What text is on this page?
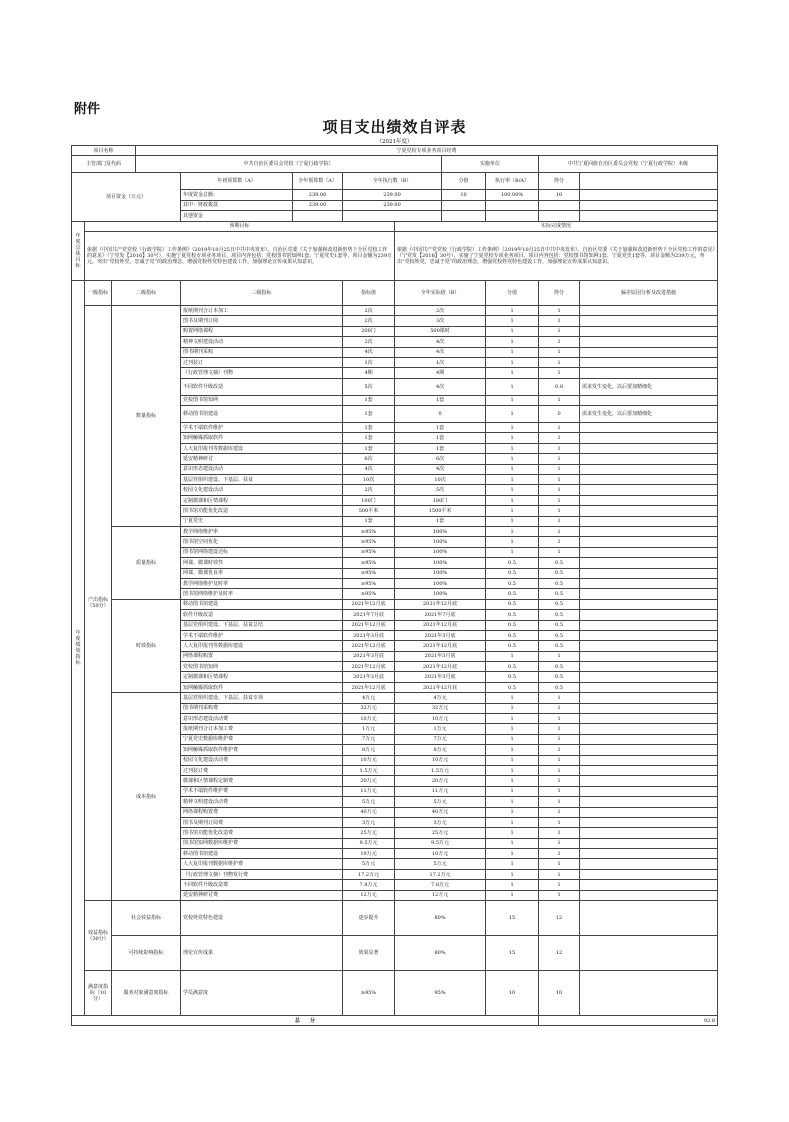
附件
项目支出绩效自评表
（2021年度）
项目名称			宁夏党校专项业务项目经费								
主管部门及代码			中共自治区委员会党校（宁夏行政学院）					实施单位		中共宁夏回族自治区委员会党校（宁夏行政学院）本级	
项目资金（万元）				年初预算数（A）	全年预算数（A）	全年执行数（B）		分值	执行率（B/A）	得分	
				年度资金总额：	239.00	239.00		10	100.00%	10	
				其中：财政拨款	239.00	239.00					
				其他资金							
年度总体目标	预期目标						实际完成情况				
	依据《中国共产党党校（行政学院）工作条例》（2019年10月25日中共中央发布）、自治区党委《关于加强和改进新形势下全区党校工作的意见》（宁党发【2016】30号），实施宁夏党校专项业务项目，项目内容包括：党校图书馆知网1套、宁夏党史1套等，项目金额为239万元，突出“党校姓党，忠诚于党”的政治理念，增强党校姓党特色建设工作，加强理论宣传成果认知意识。						依据《中国共产党党校（行政学院）工作条例》（2019年10月25日中共中央发布）、自治区党委《关于加强和改进新形势下全区党校工作的意见》（宁党发【2016】30号），实施了宁夏党校专项业务项目，项目内容包括：党校图书馆知网1套、宁夏党史1套等，项目金额为239万元，突出“党校姓党，忠诚于党”的政治理念，增强党校姓党特色建设工作，加强理论宣传成果认知意识。				
年度绩效指标	一级指标	二级指标		三级指标		指标值	全年实际值（B）		分值	得分	偏差原因分析及改进措施
	产出指标（50分）	数量指标		报纸期刊合订本加工		2次	2次		1	1	
				图书及期刊订阅		2次	3次		1	1	
				购置网络课程		200门	500课时		1	1	
				精神文明建设活动		2次	4次		1	1	
				图书期刊采购		4次	4次		1	1	
				过刊装订		1次	1次		1	1	
				《行政管理文摘》刊物		4期	4期		1	1	
				不同软件升级改造		5次	4次		1	0.8	需求发生变化，以后要加精细化
				党校图书馆知网		1套	1套		1	1	
				移动图书馆建设		1套	0		1	0	需求发生变化，以后要加精细化
				学术不端软件维护		1套	1套		1	1	
				知网触媒抓取软件		1套	1套		1	1	
				人大复印报刊等数据库建设		1套	1套		1	1	
				延安精神研讨		6次	6次		1	1	
				意识形态建设活动		4次	4次		1	1	
				基层党组织建设、下基层、扶贫		10次	10次		1	1	
				校园文化建设活动		2次	5次		1	1	
				定制微课和区情课程		100门	180门		1	1	
				图书馆功能优化改造		500平米	1500平米		1	1	
				宁夏党史		1套	1套		1	1	
		质量指标		教学网络维护率		≥95%	100%		1	1	
				图书馆空间优化		≥95%	100%		1	1	
				图书馆网络建设达标		≥95%	100%		1	1	
				网课、微课时效性		≥95%	100%		0.5	0.5	
				网课、微课优良率		≥95%	100%		0.5	0.5	
				教学网络维护及时率		≥95%	100%		0.5	0.5	
				图书馆网络维护及时率		≥95%	100%		0.5	0.5	
		时效指标		移动图书馆建设		2021年12月底	2021年12月底		0.5	0.5	
				软件升级改造		2021年7月底	2021年7月底		0.5	0.5	
				基层党组织建设、下基层、扶贫总结		2021年12月底	2021年12月底		0.5	0.5	
				学术不端软件维护		2021年3月底	2021年3月底		0.5	0.5	
				人大复印报刊等数据库建设		2021年12月底	2021年12月底		0.5	0.5	
				网络课程购置		2021年3月底	2021年3月底		1	1	
				党校图书馆知网		2021年12月底	2021年12月底		0.5	0.5	
				定制微课和区情课程		2021年3月底	2021年3月底		0.5	0.5	
				知网触媒抓取软件		2021年12月底	2021年12月底		0.5	0.5	
		成本指标		基层党组织建设、下基层、扶贫专项		4万元	4万元		1	1	
				图书期刊采购费		32万元	32万元		1	1	
				意识形态建设活动费		10万元	10万元		1	1	
				报纸期刊合订本加工费		1万元	1万元		1	1	
				宁夏党史数据库维护费		7万元	7万元		1	1	
				知网触媒抓取软件维护费		8万元	8万元		1	1	
				校园文化建设活动费		10万元	10万元		1	1	
				过刊装订费		1.5万元	1.5万元		1	1	
				微课和区情课程定制费		20万元	20万元		1	1	
				学术不端软件维护费		11万元	11万元		1	1	
				精神文明建设活动费		5万元	5万元		1	1	
				网络课程购置费		40万元	40万元		1	1	
				图书及期刊订阅费		3万元	3万元		1	1	
				图书馆功能优化改造费		25万元	25万元		1	1	
				图书馆知网数据库维护费		9.5万元	9.5万元		1	1	
				移动图书馆建设		10万元	10万元		1	1	
				人大复印报刊数据库维护费		5万元	5万元		1	1	
				《行政管理文摘》刊物发行费		17.2万元	17.2万元		1	1	
				不同软件升级改造费		7.8万元	7.8万元		1	1	
				延安精神研讨费		12万元	12万元		1	1	
	效益指标（30分）	社会效益指标		党校姓党特色建设		逐步提升	80%		15	12	
		可持续影响指标		理论宣传成果		效果显著	80%		15	12	
	满意度指标（10分）	服务对象满意度指标		学员满意度		≥95%	95%		10	10	
总　　分										92.8	
